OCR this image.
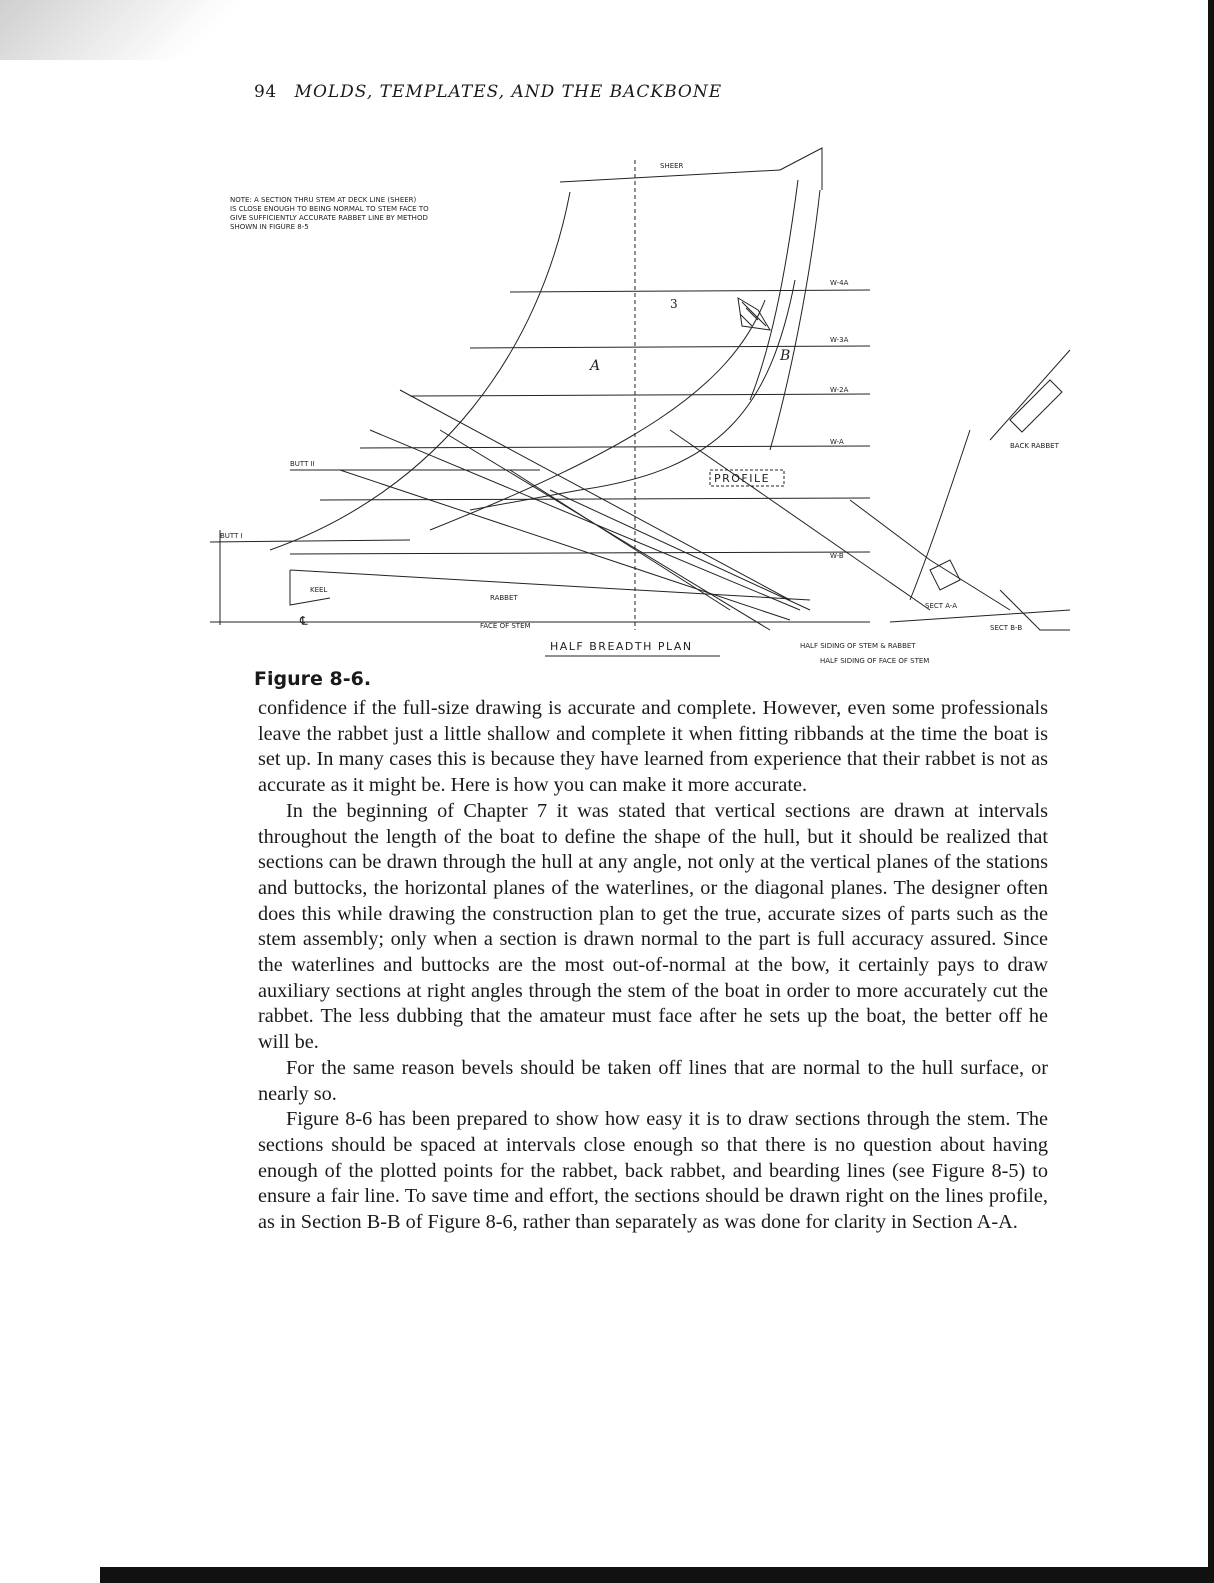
94 MOLDS, TEMPLATES, AND THE BACKBONE
NOTE: A SECTION THRU STEM AT DECK LINE (SHEER) IS CLOSE ENOUGH TO BEING NORMAL TO STEM FACE TO GIVE SUFFICIENTLY ACCURATE RABBET LINE BY METHOD SHOWN IN FIGURE 8-5
SHEER
W-4A
W-3A
W-2A
W-A
W-B
BUTT II
BUTT I
KEEL
RABBET
FACE OF STEM
℄
PROFILE
A
B
3
HALF BREADTH PLAN
BACK RABBET
SECT A-A
SECT B-B
HALF SIDING OF STEM & RABBET
HALF SIDING OF FACE OF STEM
Figure 8-6.

confidence if the full-size drawing is accurate and complete. However, even some professionals leave the rabbet just a little shallow and complete it when fitting ribbands at the time the boat is set up. In many cases this is because they have learned from experience that their rabbet is not as accurate as it might be. Here is how you can make it more accurate.

In the beginning of Chapter 7 it was stated that vertical sections are drawn at intervals throughout the length of the boat to define the shape of the hull, but it should be realized that sections can be drawn through the hull at any angle, not only at the vertical planes of the stations and buttocks, the horizontal planes of the waterlines, or the diagonal planes. The designer often does this while drawing the construction plan to get the true, accurate sizes of parts such as the stem assembly; only when a section is drawn normal to the part is full accuracy assured. Since the waterlines and buttocks are the most out-of-normal at the bow, it certainly pays to draw auxiliary sections at right angles through the stem of the boat in order to more accurately cut the rabbet. The less dubbing that the amateur must face after he sets up the boat, the better off he will be.

For the same reason bevels should be taken off lines that are normal to the hull surface, or nearly so.

Figure 8-6 has been prepared to show how easy it is to draw sections through the stem. The sections should be spaced at intervals close enough so that there is no question about having enough of the plotted points for the rabbet, back rabbet, and bearding lines (see Figure 8-5) to ensure a fair line. To save time and effort, the sections should be drawn right on the lines profile, as in Section B-B of Figure 8-6, rather than separately as was done for clarity in Section A-A.
